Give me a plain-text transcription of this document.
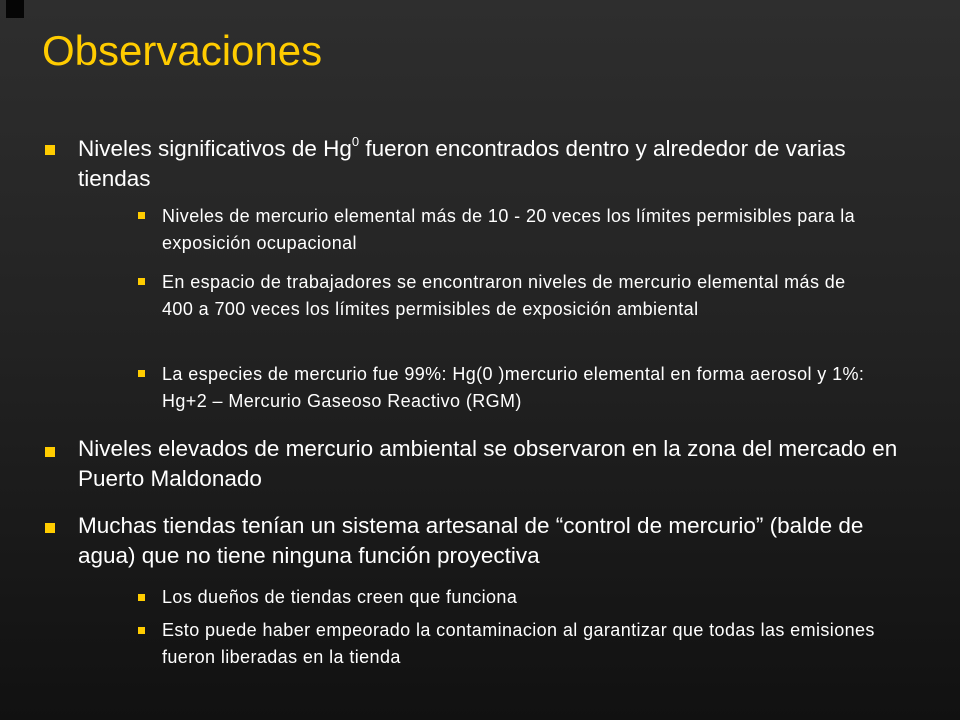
Observaciones
Niveles significativos de Hg$^0$ fueron encontrados dentro y alrededor de varias tiendas
Niveles de mercurio elemental más de 10 - 20 veces los límites permisibles para la exposición ocupacional
En espacio de trabajadores se encontraron niveles de mercurio elemental más de 400 a 700 veces los límites permisibles de exposición ambiental
La especies de mercurio fue 99%: Hg(0 )mercurio elemental en forma aerosol y 1%: Hg+2 – Mercurio Gaseoso Reactivo (RGM)
Niveles elevados de mercurio ambiental se observaron en la zona del mercado en Puerto Maldonado
Muchas tiendas tenían un sistema artesanal de “control de mercurio” (balde de agua) que no tiene ninguna función proyectiva
Los dueños de tiendas creen que funciona
Esto puede haber empeorado la contaminacion al garantizar que todas las emisiones fueron liberadas en la tienda
